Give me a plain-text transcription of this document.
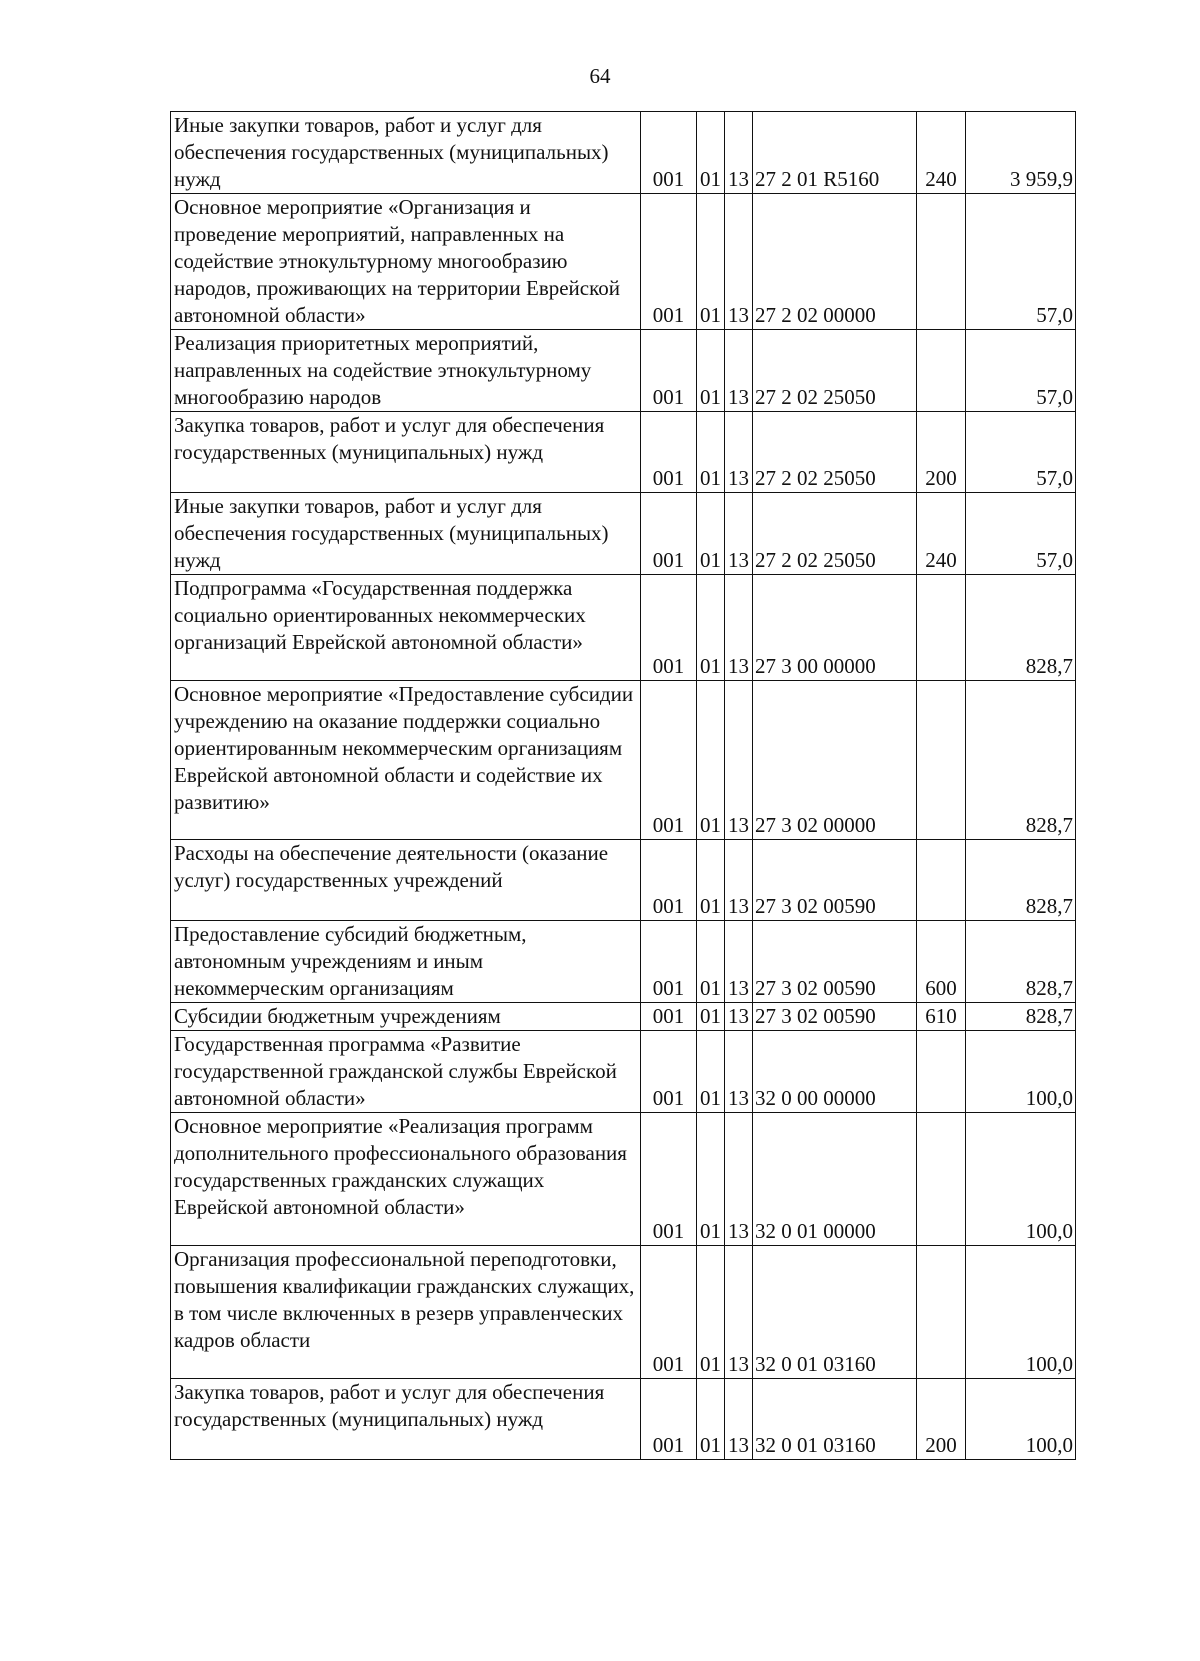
64
Иные закупки товаров, работ и услуг для обеспечения государственных (муниципальных) нужд	001	01	13	27 2 01 R5160	240	3 959,9
Основное мероприятие «Организация и проведение мероприятий, направленных на содействие этнокультурному многообразию народов, проживающих на территории Еврейской автономной области»	001	01	13	27 2 02 00000		57,0
Реализация приоритетных мероприятий, направленных на содействие этнокультурному многообразию народов	001	01	13	27 2 02 25050		57,0
Закупка товаров, работ и услуг для обеспечения государственных (муниципальных) нужд	001	01	13	27 2 02 25050	200	57,0
Иные закупки товаров, работ и услуг для обеспечения государственных (муниципальных) нужд	001	01	13	27 2 02 25050	240	57,0
Подпрограмма «Государственная поддержка социально ориентированных некоммерческих организаций Еврейской автономной области»	001	01	13	27 3 00 00000		828,7
Основное мероприятие «Предоставление субсидии учреждению на оказание поддержки социально ориентированным некоммерческим организациям Еврейской автономной области и содействие их развитию»	001	01	13	27 3 02 00000		828,7
Расходы на обеспечение деятельности (оказание услуг) государственных учреждений	001	01	13	27 3 02 00590		828,7
Предоставление субсидий бюджетным, автономным учреждениям и иным некоммерческим организациям	001	01	13	27 3 02 00590	600	828,7
Субсидии бюджетным учреждениям	001	01	13	27 3 02 00590	610	828,7
Государственная программа «Развитие государственной гражданской службы Еврейской автономной области»	001	01	13	32 0 00 00000		100,0
Основное мероприятие «Реализация программ дополнительного профессионального образования государственных гражданских служащих Еврейской автономной области»	001	01	13	32 0 01 00000		100,0
Организация профессиональной переподготовки, повышения квалификации гражданских служащих, в том числе включенных в резерв управленческих кадров области	001	01	13	32 0 01 03160		100,0
Закупка товаров, работ и услуг для обеспечения государственных (муниципальных) нужд	001	01	13	32 0 01 03160	200	100,0
